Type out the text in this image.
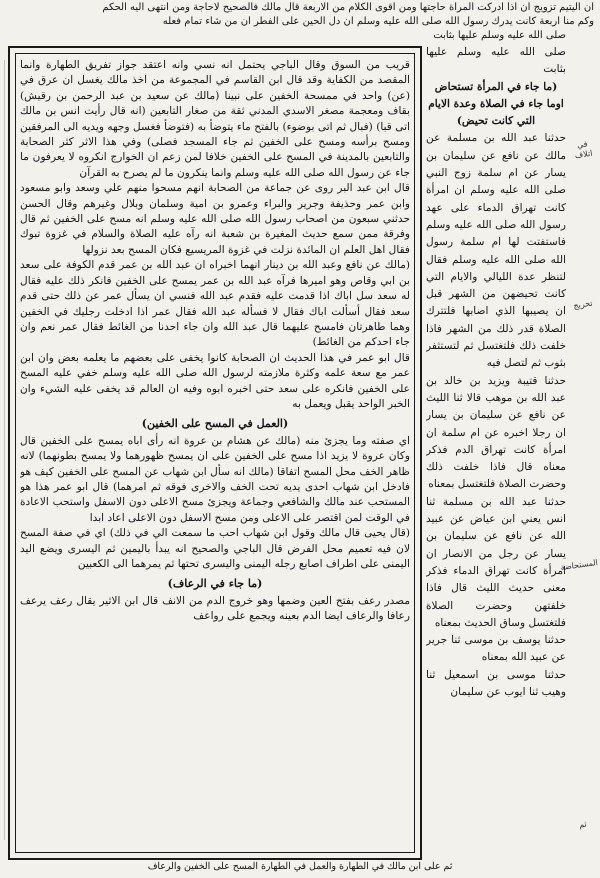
ان اليتيم تزويج ان اذا ادركت المرأة حاجتها ومن اقوى الكلام من الاربعة قال مالك فالصحيح لاحاجة ومن انتهى اليه الحكم
وكم منا اربعة كانت يدرك رسول الله صلى الله عليه وسلم ان دل الحين على الفطر ان من شاء تمام فعله
صلى الله عليه وسلم عليها بثابت

قريب من السوق وقال الباجي يحتمل انه نسي وانه اعتقد جواز تفريق الطهارة وانما المقصد من الكفاية وقد قال ابن القاسم في المجموعة من اخذ مالك يغسل ان عرق في (عن) واحد في ممسحة الخفين على نبينا (مالك عن سعيد بن عبد الرحمن بن رقيش) بقاف ومعجمة مصغر الاسدي المدني ثقة من صغار التابعين (انه قال رأيت انس بن مالك اتى قبا) (فبال ثم اتى بوضوء) بالفتح ماء يتوضأ به (فتوضأ فغسل وجهه ويديه الى المرفقين ومسح برأسه ومسح على الخفين ثم جاء المسجد فصلى) وفي هذا الاثر كثر الصحابة والتابعين بالمدينة في المسح على الخفين خلافا لمن زعم ان الخوارج انكروه لا يعرفون ما جاء عن رسول الله صلى الله عليه وسلم وانما ينكرون ما لم يصرح به القرآن

قال ابن عبد البر روى عن جماعة من الصحابة انهم مسحوا منهم علي وسعد وابو مسعود وابن عمر وحذيفة وجرير والبراء وعمرو بن امية وسلمان وبلال وغيرهم وقال الحسن حدثني سبعون من اصحاب رسول الله صلى الله عليه وسلم انه مسح على الخفين ثم قال وفرقة ممن سمع حديث المغيرة بن شعبة انه رآه عليه الصلاة والسلام في غزوة تبوك فقال اهل العلم ان المائدة نزلت في غزوة المريسيع فكان المسح بعد نزولها

(مالك عن نافع وعبد الله بن دينار انهما اخبراه ان عبد الله بن عمر قدم الكوفة على سعد بن ابي وقاص وهو اميرها فرآه عبد الله بن عمر يمسح على الخفين فانكر ذلك عليه فقال له سعد سل اباك اذا قدمت عليه فقدم عبد الله فنسي ان يسأل عمر عن ذلك حتى قدم سعد فقال أسألت اباك فقال لا فسأله عبد الله فقال عمر اذا ادخلت رجليك في الخفين وهما طاهرتان فامسح عليهما قال عبد الله وان جاء احدنا من الغائط فقال عمر نعم وان جاء احدكم من الغائط)

قال ابو عمر في هذا الحديث ان الصحابة كانوا يخفى على بعضهم ما يعلمه بعض وان ابن عمر مع سعة علمه وكثرة ملازمته لرسول الله صلى الله عليه وسلم خفي عليه المسح على الخفين فانكره على سعد حتى اخبره ابوه وفيه ان العالم قد يخفى عليه الشيء وان الخبر الواحد يقبل ويعمل به

(العمل في المسح على الخفين)

اي صفته وما يجزئ منه (مالك عن هشام بن عروة انه رأى اباه يمسح على الخفين قال وكان عروة لا يزيد اذا مسح على الخفين على ان يمسح ظهورهما ولا يمسح بطونهما) لانه ظاهر الخف محل المسح اتفاقا (مالك انه سأل ابن شهاب عن المسح على الخفين كيف هو فادخل ابن شهاب احدى يديه تحت الخف والاخرى فوقه ثم امرهما) قال ابو عمر هذا هو المستحب عند مالك والشافعي وجماعة ويجزئ مسح الاعلى دون الاسفل واستحب الاعادة في الوقت لمن اقتصر على الاعلى ومن مسح الاسفل دون الاعلى اعاد ابدا

(قال يحيى قال مالك وقول ابن شهاب احب ما سمعت الي في ذلك) اي في صفة المسح لان فيه تعميم محل الفرض قال الباجي والصحيح انه يبدأ باليمين ثم اليسرى ويضع اليد اليمنى على اطراف اصابع رجله اليمنى واليسرى تحتها ثم يمرهما الى الكعبين

(ما جاء في الرعاف)

مصدر رعف بفتح العين وضمها وهو خروج الدم من الانف قال ابن الاثير يقال رعف يرعف رعافا والرعاف ايضا الدم بعينه ويجمع على رواعف

صلى الله عليه وسلم عليها بثابت

(ما جاء في المرأة تستحاض اوما جاء في الصلاة وعدة الايام التي كانت تحيض)

حدثنا عبد الله بن مسلمة عن مالك عن نافع عن سليمان بن يسار عن ام سلمة زوج النبي صلى الله عليه وسلم ان امرأة كانت تهراق الدماء على عهد رسول الله صلى الله عليه وسلم فاستفتت لها ام سلمة رسول الله صلى الله عليه وسلم فقال لتنظر عدة الليالي والايام التي كانت تحيضهن من الشهر قبل ان يصيبها الذي اصابها فلتترك الصلاة قدر ذلك من الشهر فاذا خلفت ذلك فلتغتسل ثم لتستثفر بثوب ثم لتصل فيه

حدثنا قتيبة ويزيد بن خالد بن عبد الله بن موهب قالا ثنا الليث عن نافع عن سليمان بن يسار ان رجلا اخبره عن ام سلمة ان امرأة كانت تهراق الدم فذكر معناه قال فاذا خلفت ذلك وحضرت الصلاة فلتغتسل بمعناه

حدثنا عبد الله بن مسلمة ثنا انس يعني ابن عياض عن عبيد الله عن نافع عن سليمان بن يسار عن رجل من الانصار ان امرأة كانت تهراق الدماء فذكر معنى حديث الليث قال فاذا خلفتهن وحضرت الصلاة فلتغتسل وساق الحديث بمعناه

حدثنا يوسف بن موسى ثنا جرير عن عبيد الله بمعناه

حدثنا موسى بن اسمعيل ثنا وهيب ثنا ايوب عن سليمان

في اتلاف
تحريج
المستحاضة
ثم
ثم على ابن مالك في الطهارة والعمل في الطهارة المسح على الخفين والرعاف
